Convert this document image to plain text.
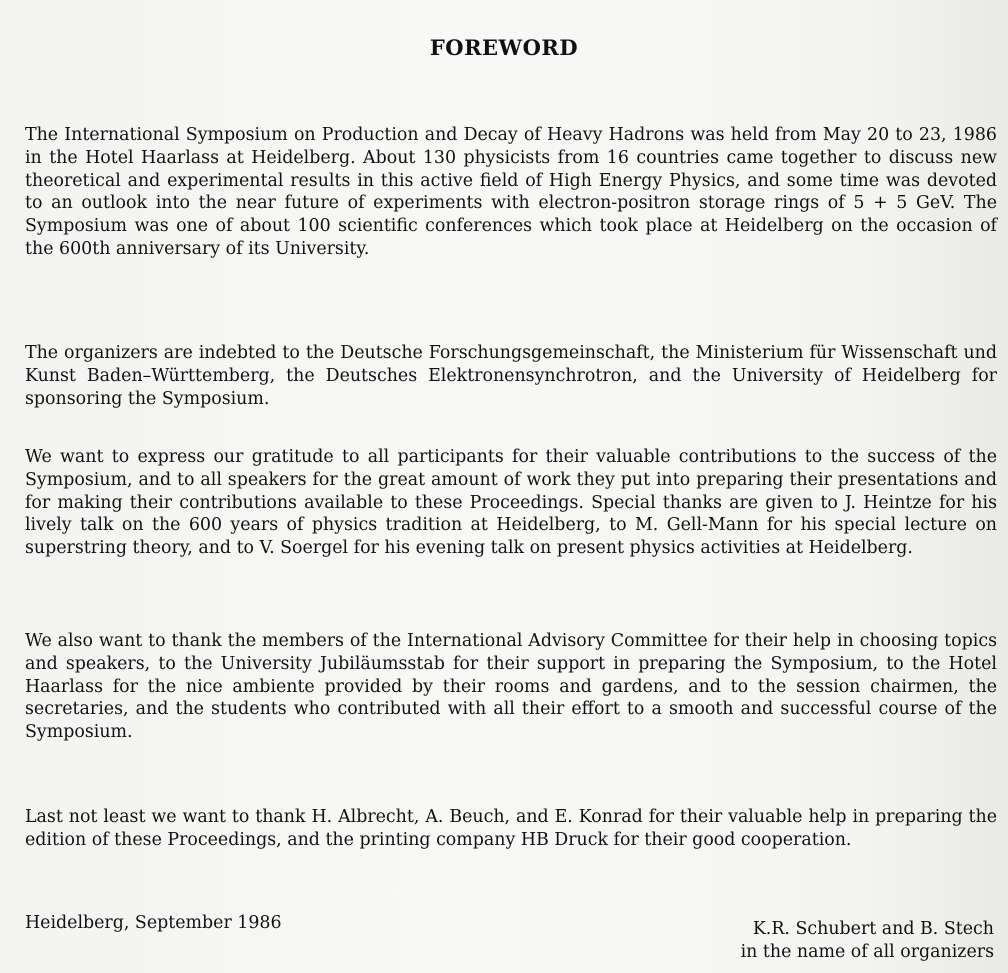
FOREWORD

The International Symposium on Production and Decay of Heavy Hadrons was held from May 20 to 23, 1986 in the Hotel Haarlass at Heidelberg. About 130 physicists from 16 countries came together to discuss new theoretical and experimental results in this active field of High Energy Physics, and some time was devoted to an outlook into the near future of experiments with electron-positron storage rings of 5 + 5 GeV. The Symposium was one of about 100 scientific conferences which took place at Heidelberg on the occasion of the 600th anniversary of its University.

The organizers are indebted to the Deutsche Forschungsgemeinschaft, the Ministerium für Wissenschaft und Kunst Baden–Württemberg, the Deutsches Elektronensynchrotron, and the University of Heidelberg for sponsoring the Symposium.

We want to express our gratitude to all participants for their valuable contributions to the success of the Symposium, and to all speakers for the great amount of work they put into preparing their presentations and for making their contributions available to these Proceedings. Special thanks are given to J. Heintze for his lively talk on the 600 years of physics tradition at Heidelberg, to M. Gell-Mann for his special lecture on superstring theory, and to V. Soergel for his evening talk on present physics activities at Heidelberg.

We also want to thank the members of the International Advisory Committee for their help in choosing topics and speakers, to the University Jubiläumsstab for their support in preparing the Symposium, to the Hotel Haarlass for the nice ambiente provided by their rooms and gardens, and to the session chairmen, the secretaries, and the students who contributed with all their effort to a smooth and successful course of the Symposium.

Last not least we want to thank H. Albrecht, A. Beuch, and E. Konrad for their valuable help in preparing the edition of these Proceedings, and the printing company HB Druck for their good cooperation.

Heidelberg, September 1986	K.R. Schubert and B. Stech
in the name of all organizers
